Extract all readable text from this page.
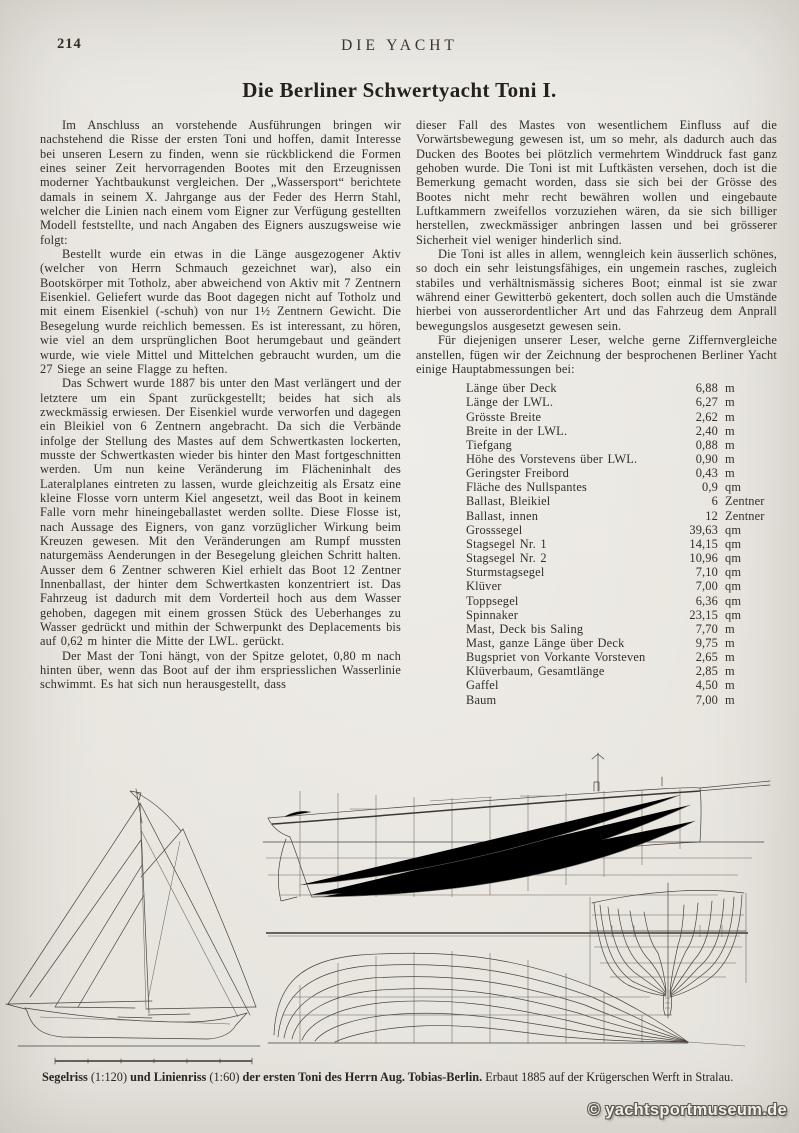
214	DIE YACHT
Die Berliner Schwertyacht Toni I.

Im Anschluss an vorstehende Ausführungen bringen wir nachstehend die Risse der ersten Toni und hoffen, damit Interesse bei unseren Lesern zu finden, wenn sie rückblickend die Formen eines seiner Zeit hervorragenden Bootes mit den Erzeugnissen moderner Yachtbaukunst vergleichen. Der „Wassersport“ berichtete damals in seinem X. Jahrgange aus der Feder des Herrn Stahl, welcher die Linien nach einem vom Eigner zur Verfügung gestellten Modell feststellte, und nach Angaben des Eigners auszugsweise wie folgt:

Bestellt wurde ein etwas in die Länge ausgezogener Aktiv (welcher von Herrn Schmauch gezeichnet war), also ein Bootskörper mit Totholz, aber abweichend von Aktiv mit 7 Zentnern Eisenkiel. Geliefert wurde das Boot dagegen nicht auf Totholz und mit einem Eisenkiel (-schuh) von nur 1½ Zentnern Gewicht. Die Besegelung wurde reichlich bemessen. Es ist interessant, zu hören, wie viel an dem ursprünglichen Boot herumgebaut und geändert wurde, wie viele Mittel und Mittelchen gebraucht wurden, um die 27 Siege an seine Flagge zu heften.

Das Schwert wurde 1887 bis unter den Mast verlängert und der letztere um ein Spant zurückgestellt; beides hat sich als zweckmässig erwiesen. Der Eisenkiel wurde verworfen und dagegen ein Bleikiel von 6 Zentnern angebracht. Da sich die Verbände infolge der Stellung des Mastes auf dem Schwertkasten lockerten, musste der Schwertkasten wieder bis hinter den Mast fortgeschnitten werden. Um nun keine Veränderung im Flächeninhalt des Lateralplanes eintreten zu lassen, wurde gleichzeitig als Ersatz eine kleine Flosse vorn unterm Kiel angesetzt, weil das Boot in keinem Falle vorn mehr hineingeballastet werden sollte. Diese Flosse ist, nach Aussage des Eigners, von ganz vorzüglicher Wirkung beim Kreuzen gewesen. Mit den Veränderungen am Rumpf mussten naturgemäss Aenderungen in der Besegelung gleichen Schritt halten. Ausser dem 6 Zentner schweren Kiel erhielt das Boot 12 Zentner Innenballast, der hinter dem Schwertkasten konzentriert ist. Das Fahrzeug ist dadurch mit dem Vorderteil hoch aus dem Wasser gehoben, dagegen mit einem grossen Stück des Ueberhanges zu Wasser gedrückt und mithin der Schwerpunkt des Deplacements bis auf 0,62 m hinter die Mitte der LWL. gerückt.

Der Mast der Toni hängt, von der Spitze gelotet, 0,80 m nach hinten über, wenn das Boot auf der ihm erspriesslichen Wasserlinie schwimmt. Es hat sich nun herausgestellt, dass

dieser Fall des Mastes von wesentlichem Einfluss auf die Vorwärtsbewegung gewesen ist, um so mehr, als dadurch auch das Ducken des Bootes bei plötzlich vermehrtem Winddruck fast ganz gehoben wurde. Die Toni ist mit Luftkästen versehen, doch ist die Bemerkung gemacht worden, dass sie sich bei der Grösse des Bootes nicht mehr recht bewähren wollen und eingebaute Luftkammern zweifellos vorzuziehen wären, da sie sich billiger herstellen, zweckmässiger anbringen lassen und bei grösserer Sicherheit viel weniger hinderlich sind.

Die Toni ist alles in allem, wenngleich kein äusserlich schönes, so doch ein sehr leistungsfähiges, ein ungemein rasches, zugleich stabiles und verhältnismässig sicheres Boot; einmal ist sie zwar während einer Gewitterbö gekentert, doch sollen auch die Umstände hierbei von ausserordentlicher Art und das Fahrzeug dem Anprall bewegungslos ausgesetzt gewesen sein.

Für diejenigen unserer Leser, welche gerne Ziffernvergleiche anstellen, fügen wir der Zeichnung der besprochenen Berliner Yacht einige Hauptabmessungen bei:

Länge über Deck	6,88 m
Länge der LWL.	6,27 m
Grösste Breite	2,62 m
Breite in der LWL.	2,40 m
Tiefgang	0,88 m
Höhe des Vorstevens über LWL.	0,90 m
Geringster Freibord	0,43 m
Fläche des Nullspantes	0,9 qm
Ballast, Bleikiel	6 Zentner
Ballast, innen	12 Zentner
Grosssegel	39,63 qm
Stagsegel Nr. 1	14,15 qm
Stagsegel Nr. 2	10,96 qm
Sturmstagsegel	7,10 qm
Klüver	7,00 qm
Toppsegel	6,36 qm
Spinnaker	23,15 qm
Mast, Deck bis Saling	7,70 m
Mast, ganze Länge über Deck	9,75 m
Bugspriet von Vorkante Vorsteven	2,65 m
Klüverbaum, Gesamtlänge	2,85 m
Gaffel	4,50 m
Baum	7,00 m
Segelriss (1:120) und Linienriss (1:60) der ersten Toni des Herrn Aug. Tobias-Berlin. Erbaut 1885 auf der Krügerschen Werft in Stralau.
© yachtsportmuseum.de
